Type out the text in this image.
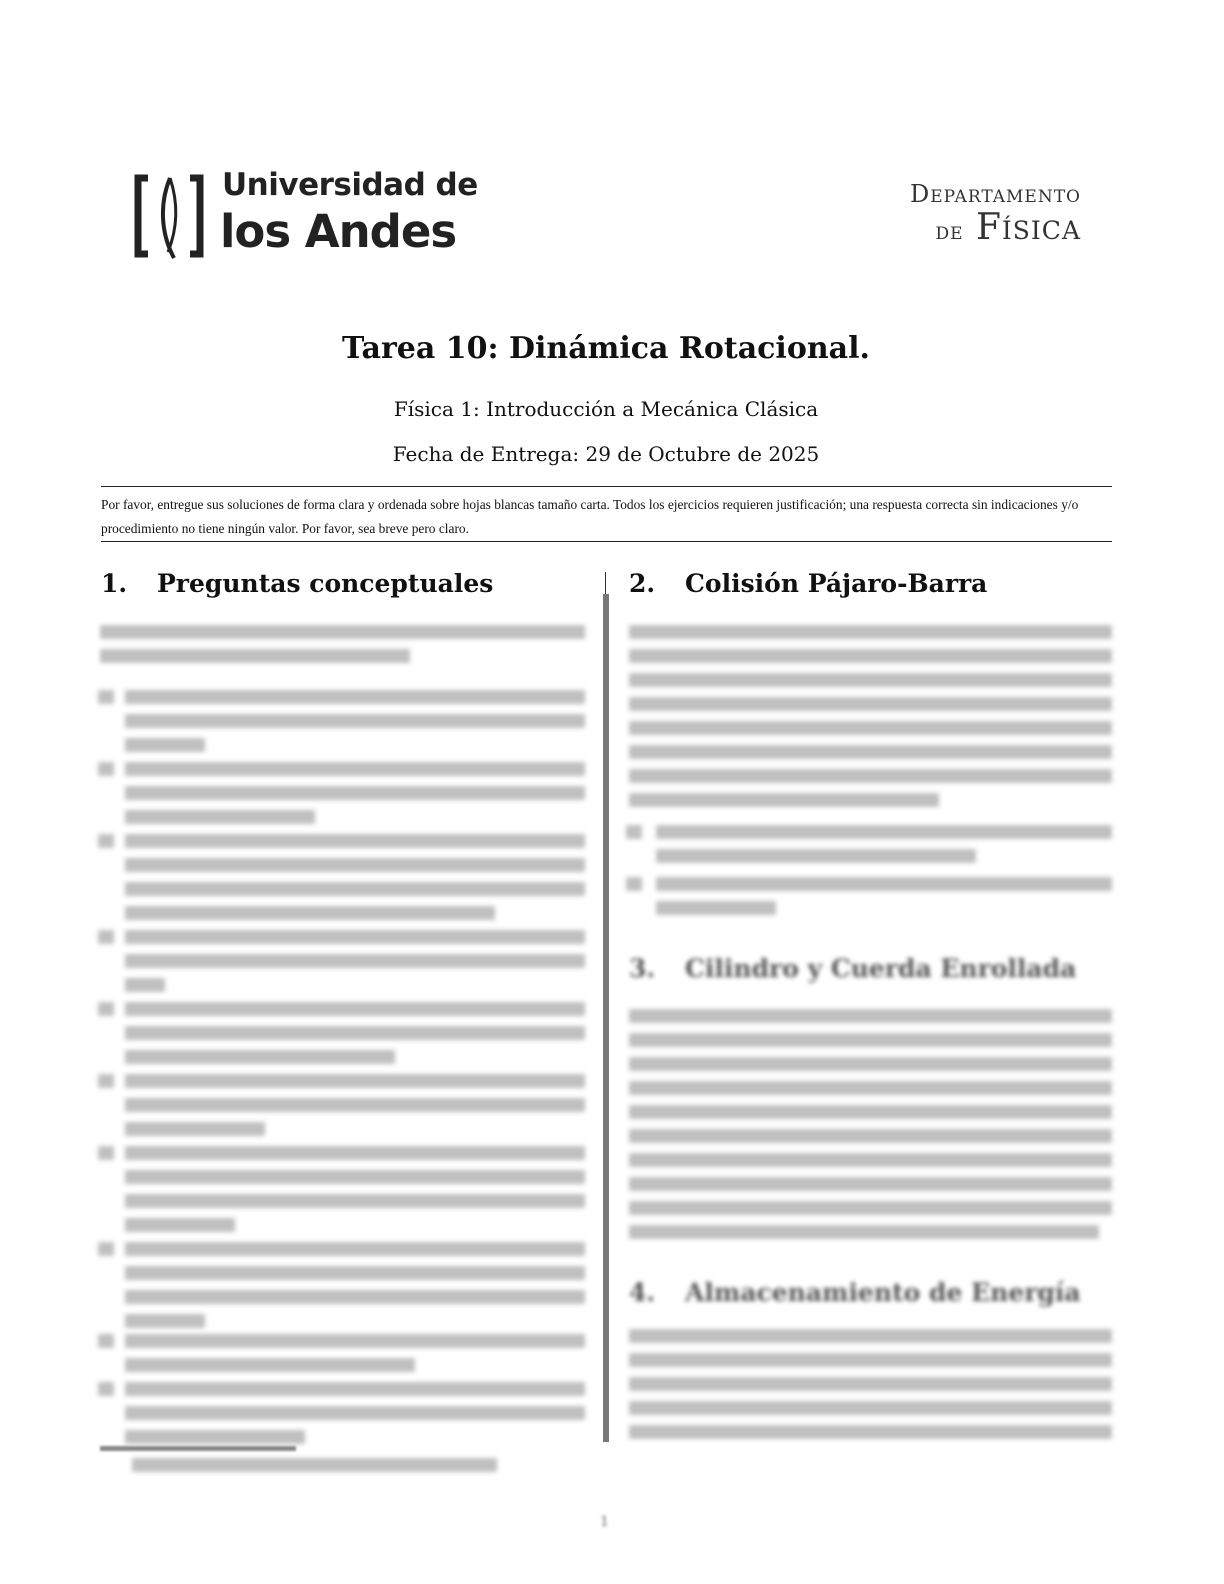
Universidad de
los Andes
Departamento
de Física
Tarea 10: Dinámica Rotacional.
Física 1: Introducción a Mecánica Clásica
Fecha de Entrega: 29 de Octubre de 2025
Por favor, entregue sus soluciones de forma clara y ordenada sobre hojas blancas tamaño carta. Todos los ejercicios requieren justificación; una respuesta correcta sin indicaciones y/o procedimiento no tiene ningún valor. Por favor, sea breve pero claro.
1. Preguntas conceptuales	2. Colisión Pájaro-Barra
3. Cilindro y Cuerda Enrollada
4. Almacenamiento de Energía
1
